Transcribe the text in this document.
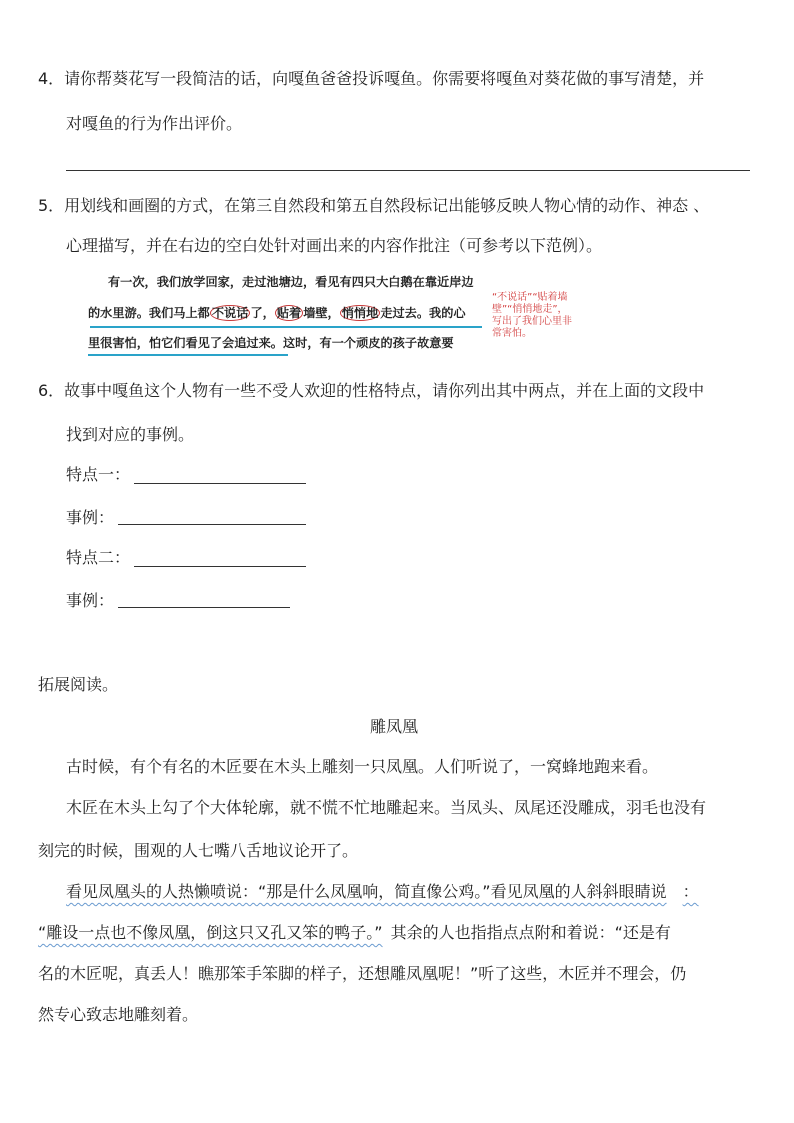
4．请你帮葵花写一段简洁的话，向嘎鱼爸爸投诉嘎鱼。你需要将嘎鱼对葵花做的事写清楚，并
对嘎鱼的行为作出评价。
5．用划线和画圈的方式，在第三自然段和第五自然段标记出能够反映人物心情的动作、神态 、
心理描写，并在右边的空白处针对画出来的内容作批注（可参考以下范例）。
有一次，我们放学回家，走过池塘边，看见有四只大白鹅在靠近岸边
的水里游。我们马上都 不说话 了， 贴着 墙壁， 悄悄地 走过去。我的心
里很害怕，怕它们看见了会追过来。这时，有一个顽皮的孩子故意要
“不说话”“贴着墙壁”“悄悄地走”，写出了我们心里非常害怕。
6．故事中嘎鱼这个人物有一些不受人欢迎的性格特点，请你列出其中两点，并在上面的文段中
找到对应的事例。
特点一：
事例：
特点二：
事例：
拓展阅读。
雕凤凰
古时候，有个有名的木匠要在木头上雕刻一只凤凰。人们听说了，一窝蜂地跑来看。
木匠在木头上勾了个大体轮廓，就不慌不忙地雕起来。当凤头、凤尾还没雕成，羽毛也没有
刻完的时候，围观的人七嘴八舌地议论开了。
看见凤凰头的人热懒喷说：“那是什么凤凰响，简直像公鸡。”看见凤凰的人斜斜眼睛说 ：
“雕设一点也不像凤凰，倒这只又孔又笨的鸭子。” 其余的人也指指点点附和着说：“还是有
名的木匠呢，真丢人！瞧那笨手笨脚的样子，还想雕凤凰呢！”听了这些，木匠并不理会，仍
然专心致志地雕刻着。
